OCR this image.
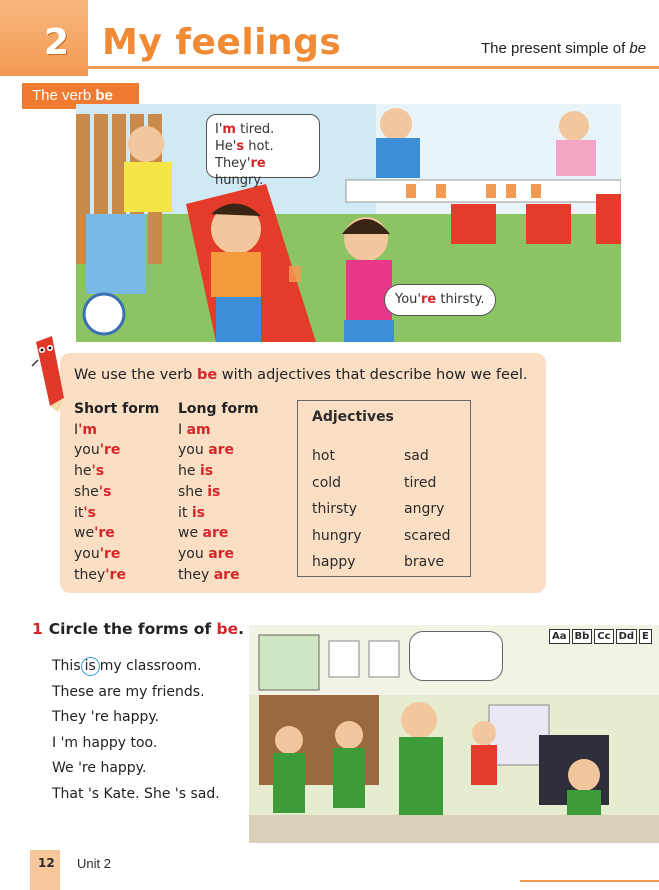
2 My feelings	The present simple of be
The verb be
I'm tired.
He's hot.
They're hungry.
You're thirsty.
We use the verb be with adjectives that describe how we feel.
Short form
I'm
you're
he's
she's
it's
we're
you're
they're
Long form
I am
you are
he is
she is
it is
we are
you are
they are
Adjectives
hot
cold
thirsty
hungry
happy
sad
tired
angry
scared
brave
1 Circle the forms of be.
This is my classroom.
These are my friends.
They 're happy.
I 'm happy too.
We 're happy.
That 's Kate. She 's sad.
Aa Bb Cc Dd E
12	Unit 2
